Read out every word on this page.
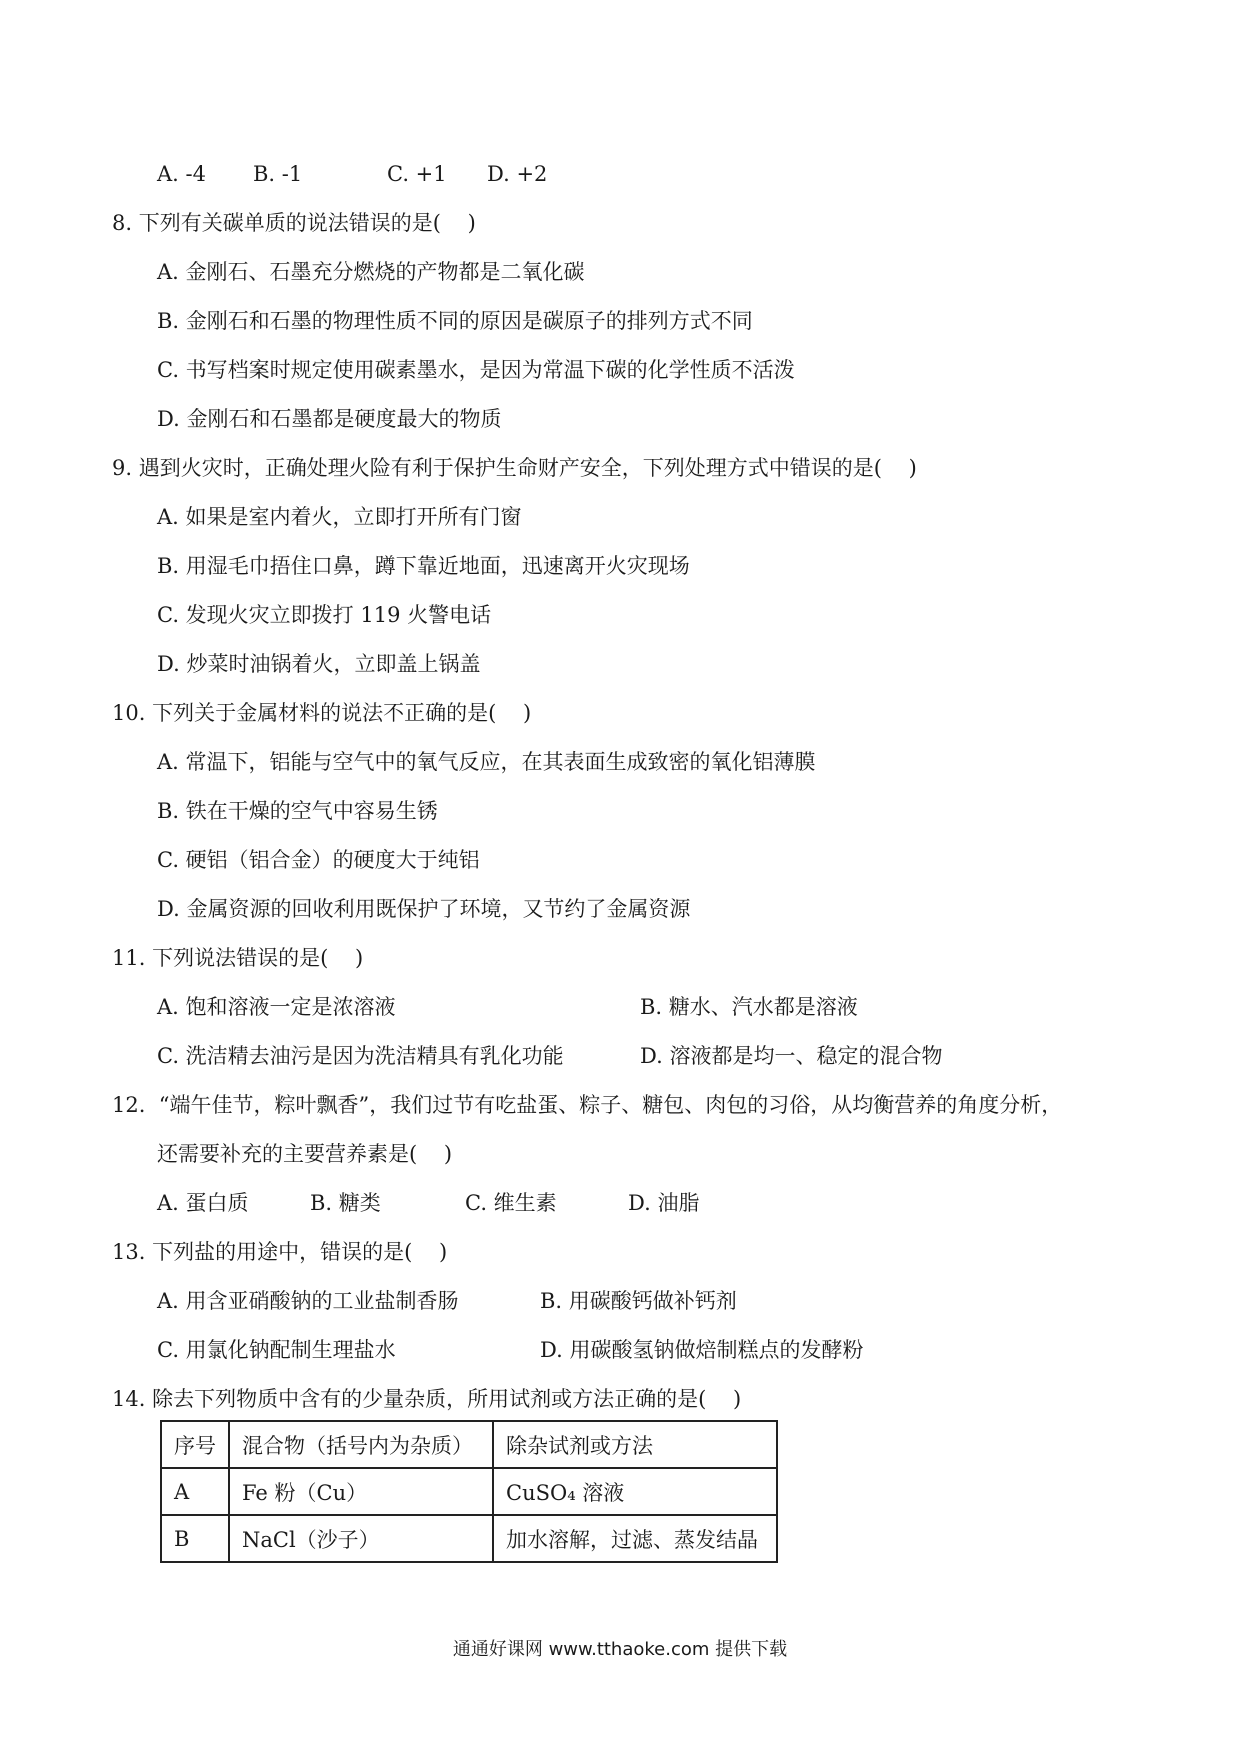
A. -4 B. -1	C. +1 D. +2
8. 下列有关碳单质的说法错误的是(    )
A. 金刚石、石墨充分燃烧的产物都是二氧化碳
B. 金刚石和石墨的物理性质不同的原因是碳原子的排列方式不同
C. 书写档案时规定使用碳素墨水，是因为常温下碳的化学性质不活泼
D. 金刚石和石墨都是硬度最大的物质
9. 遇到火灾时，正确处理火险有利于保护生命财产安全，下列处理方式中错误的是(    )
A. 如果是室内着火，立即打开所有门窗
B. 用湿毛巾捂住口鼻，蹲下靠近地面，迅速离开火灾现场
C. 发现火灾立即拨打 119 火警电话
D. 炒菜时油锅着火，立即盖上锅盖
10. 下列关于金属材料的说法不正确的是(    )
A. 常温下，铝能与空气中的氧气反应，在其表面生成致密的氧化铝薄膜
B. 铁在干燥的空气中容易生锈
C. 硬铝（铝合金）的硬度大于纯铝
D. 金属资源的回收利用既保护了环境，又节约了金属资源
11. 下列说法错误的是(    )
A. 饱和溶液一定是浓溶液	B. 糖水、汽水都是溶液
C. 洗洁精去油污是因为洗洁精具有乳化功能	D. 溶液都是均一、稳定的混合物
12.  “端午佳节，粽叶飘香”，我们过节有吃盐蛋、粽子、糖包、肉包的习俗，从均衡营养的角度分析，
还需要补充的主要营养素是(    )
A. 蛋白质	B. 糖类	C. 维生素	D. 油脂
13. 下列盐的用途中，错误的是(    )
A. 用含亚硝酸钠的工业盐制香肠	B. 用碳酸钙做补钙剂
C. 用氯化钠配制生理盐水	D. 用碳酸氢钠做焙制糕点的发酵粉
14. 除去下列物质中含有的少量杂质，所用试剂或方法正确的是(    )
序号	混合物（括号内为杂质）	除杂试剂或方法
A	Fe 粉（Cu）	CuSO₄ 溶液
B	NaCl（沙子）	加水溶解，过滤、蒸发结晶
通通好课网 www.tthaoke.com 提供下载
